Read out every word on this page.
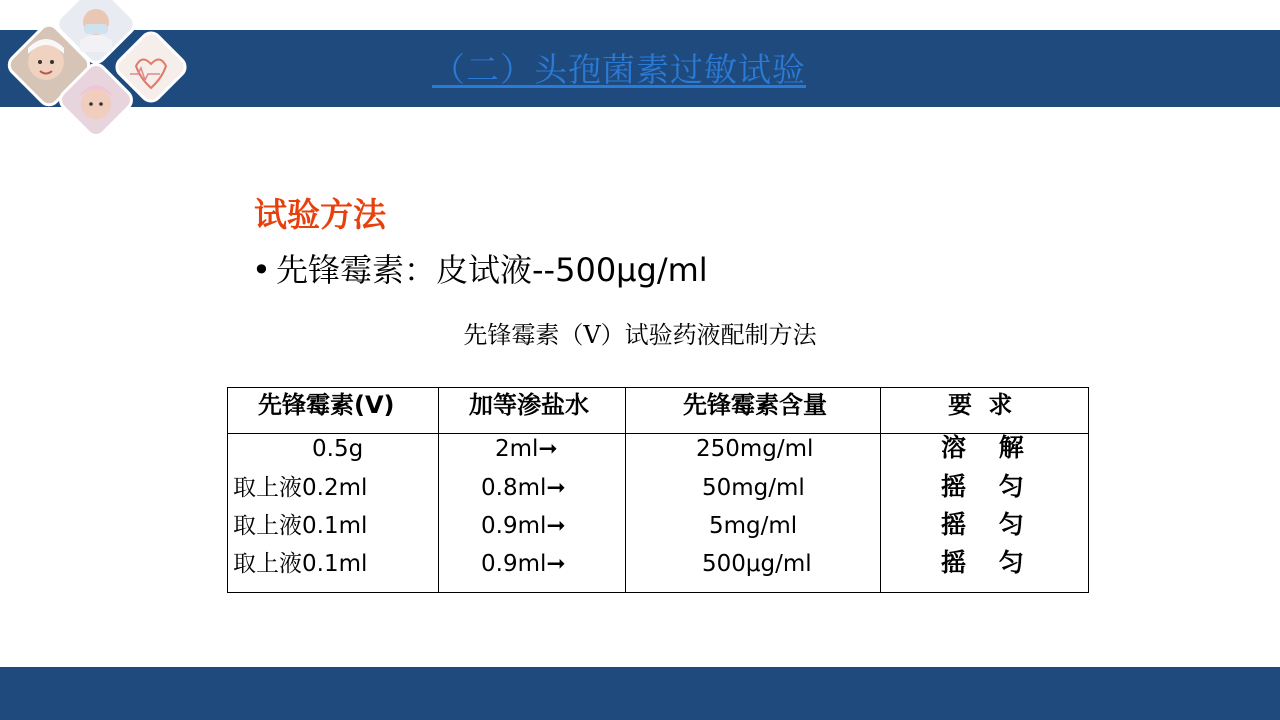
（二）头孢菌素过敏试验
试验方法
• 先锋霉素：皮试液--500μg/ml
先锋霉素（Ⅴ）试验药液配制方法
先锋霉素(V)	加等渗盐水	先锋霉素含量	要 求
0.5g	2ml➞	250mg/ml	溶 解
取上液0.2ml	0.8ml➞	50mg/ml	摇 匀
取上液0.1ml	0.9ml➞	5mg/ml	摇 匀
取上液0.1ml	0.9ml➞	500μg/ml	摇 匀
